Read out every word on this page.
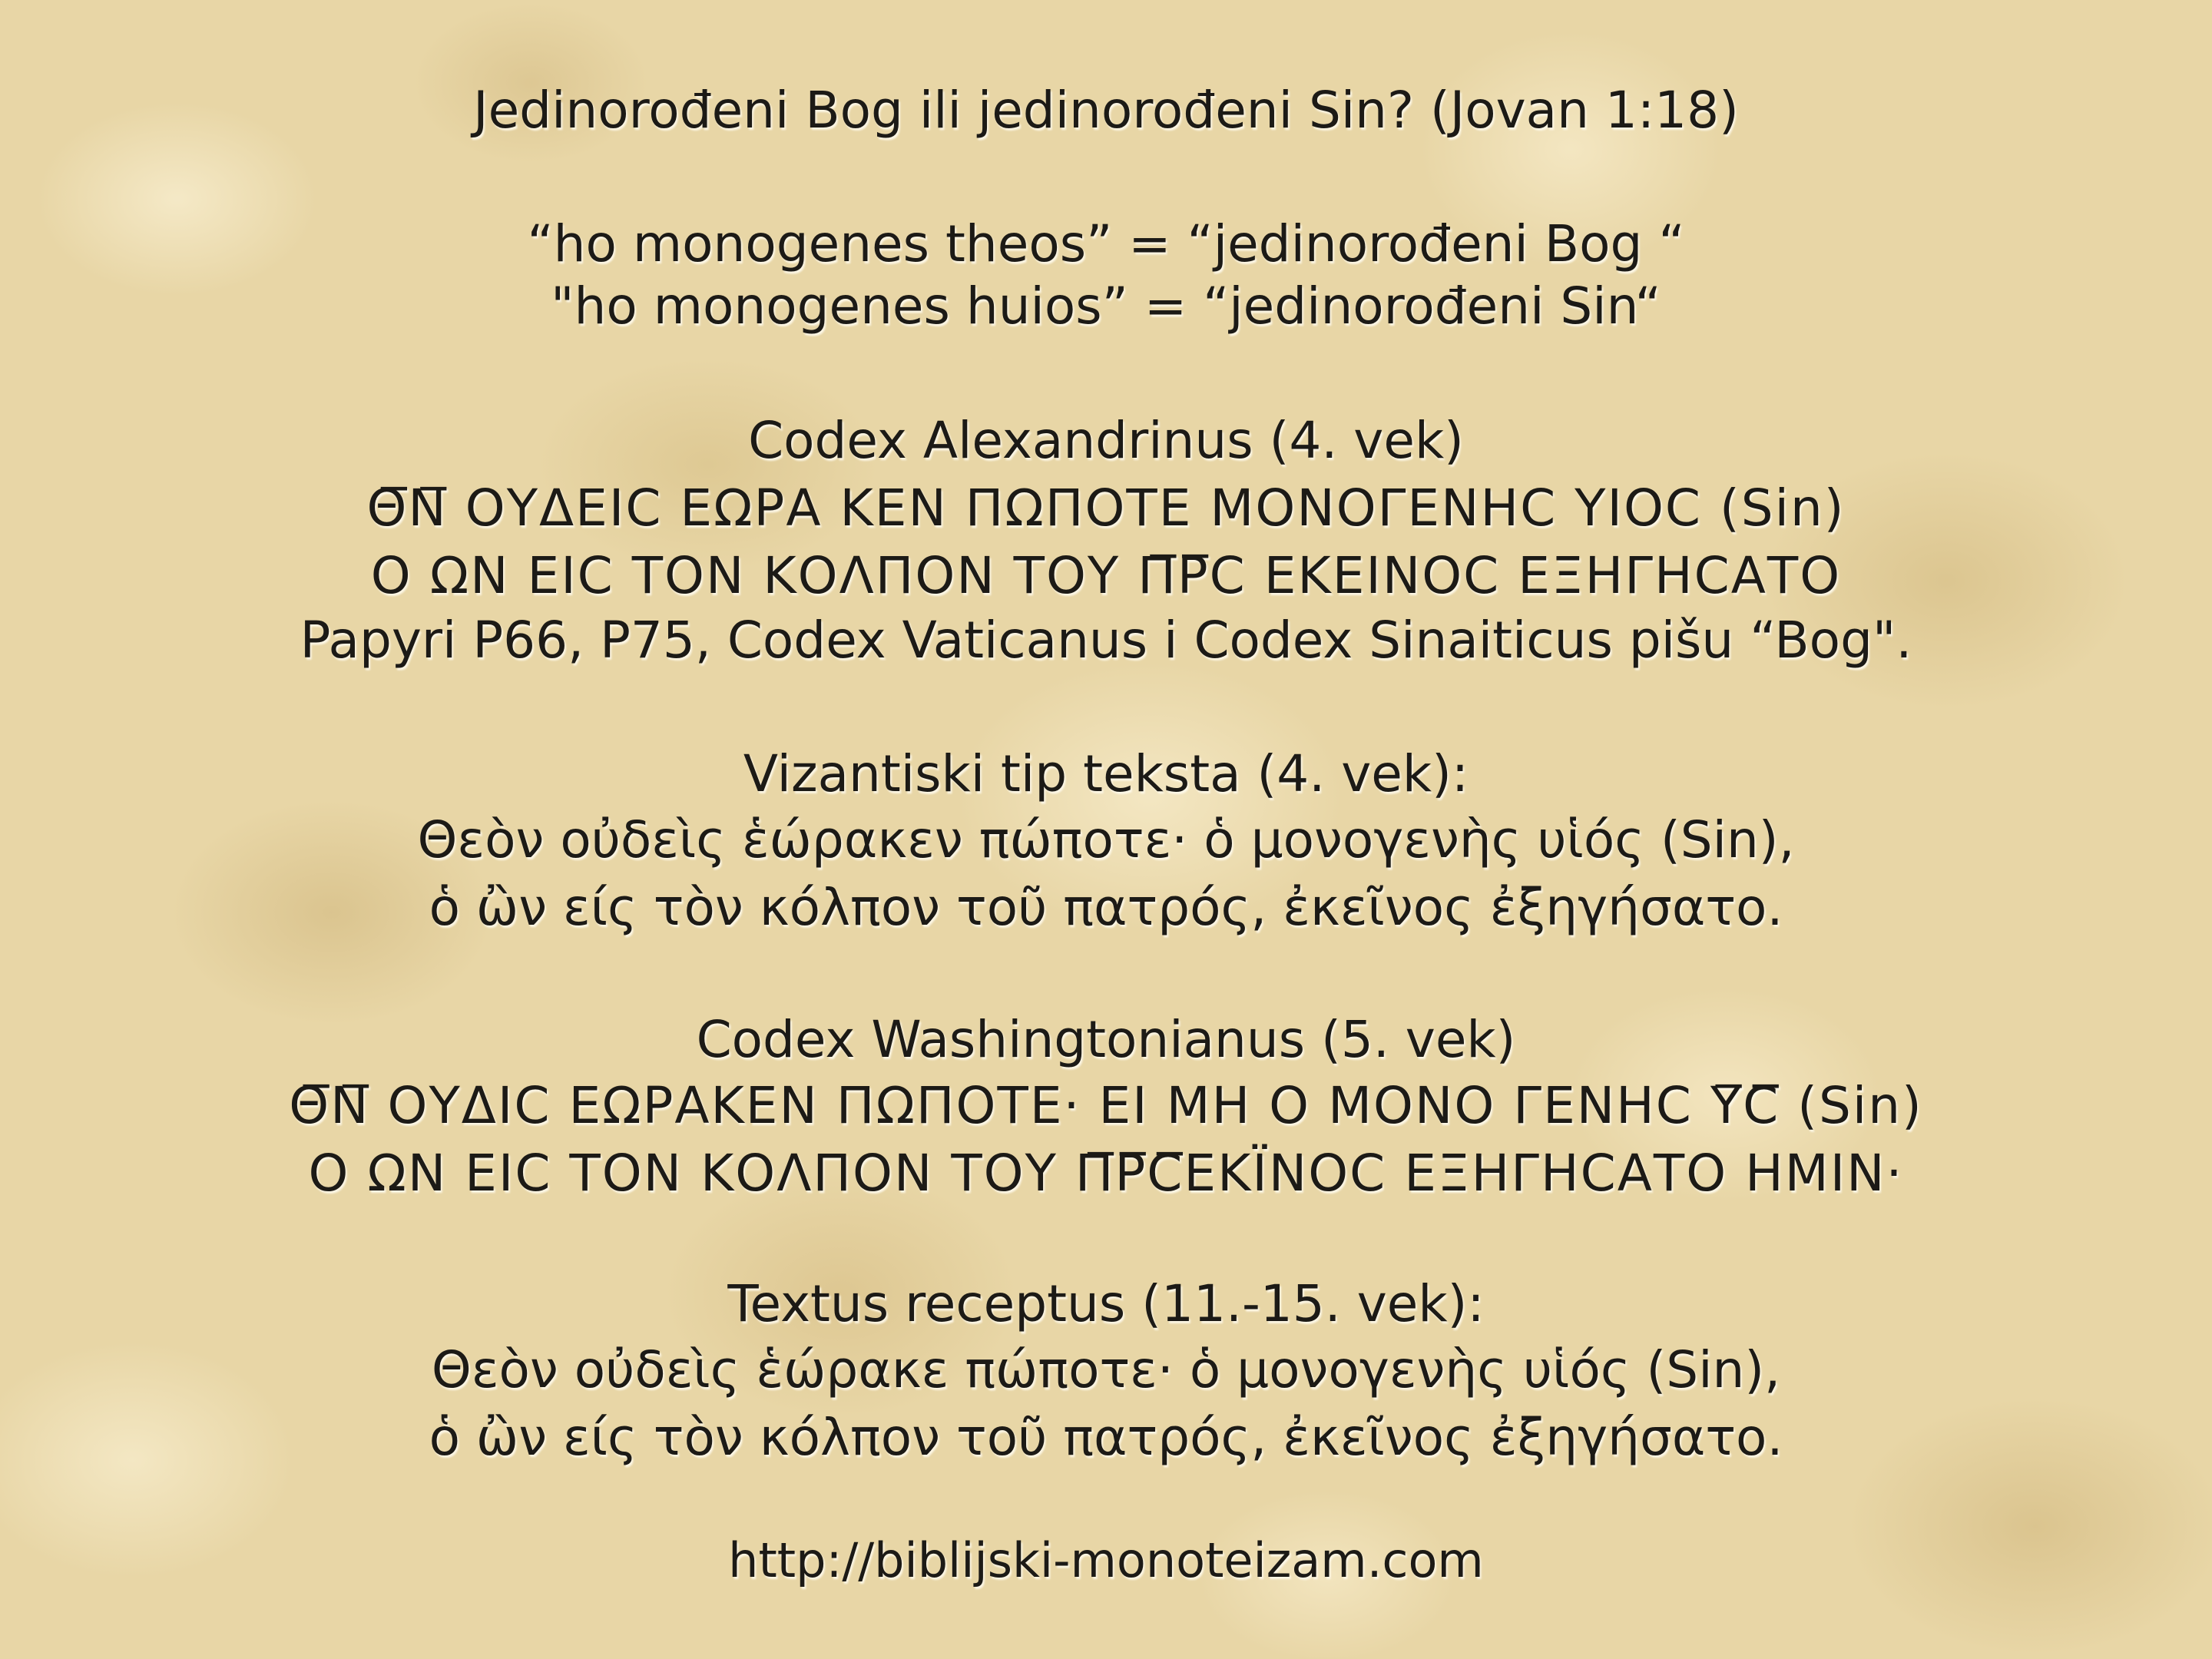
Jedinorođeni Bog ili jedinorođeni Sin? (Jovan 1:18)
“ho monogenes theos” = “jedinorođeni Bog “
"ho monogenes huios” = “jedinorođeni Sin“
Codex Alexandrinus (4. vek)
Θ̅Ν̅ ΟΥΔΕΙϹ ΕΩΡΑ ΚΕΝ ΠΩΠΟΤΕ ΜΟΝΟΓΕΝΗϹ ΥΙΟϹ (Sin)
Ο ΩΝ ΕΙϹ ΤΟΝ ΚΟΛΠΟΝ ΤΟΥ Π̅Ρ̅Ϲ ΕΚΕΙΝΟϹ ΕΞΗΓΗϹΑΤΟ
Papyri P66, P75, Codex Vaticanus i Codex Sinaiticus pišu “Bog".
Vizantiski tip teksta (4. vek):
Θεὸν οὐδεὶς ἑώρακεν πώποτε· ὁ μονογενὴς υἱός (Sin),
ὁ ὢν είς τὸν κόλπον τοῦ πατρός, ἐκεῖνος ἐξηγήσατο.
Codex Washingtonianus (5. vek)
Θ̅Ν̅ ΟΥΔΙϹ ΕΩΡΑΚΕΝ ΠΩΠΟΤΕ· ΕΙ ΜΗ Ο ΜΟΝΟ ΓΕΝΗϹ Υ̅Ϲ̅ (Sin)
Ο ΩΝ ΕΙϹ ΤΟΝ ΚΟΛΠΟΝ ΤΟΥ Π̅Ρ̅Ϲ̅ΕΚΪΝΟϹ ΕΞΗΓΗϹΑΤΟ ΗΜΙΝ·
Textus receptus (11.-15. vek):
Θεὸν οὐδεὶς ἑώρακε πώποτε· ὁ μονογενὴς υἱός (Sin),
ὁ ὢν είς τὸν κόλπον τοῦ πατρός, ἐκεῖνος ἐξηγήσατο.
http://biblijski-monoteizam.com
